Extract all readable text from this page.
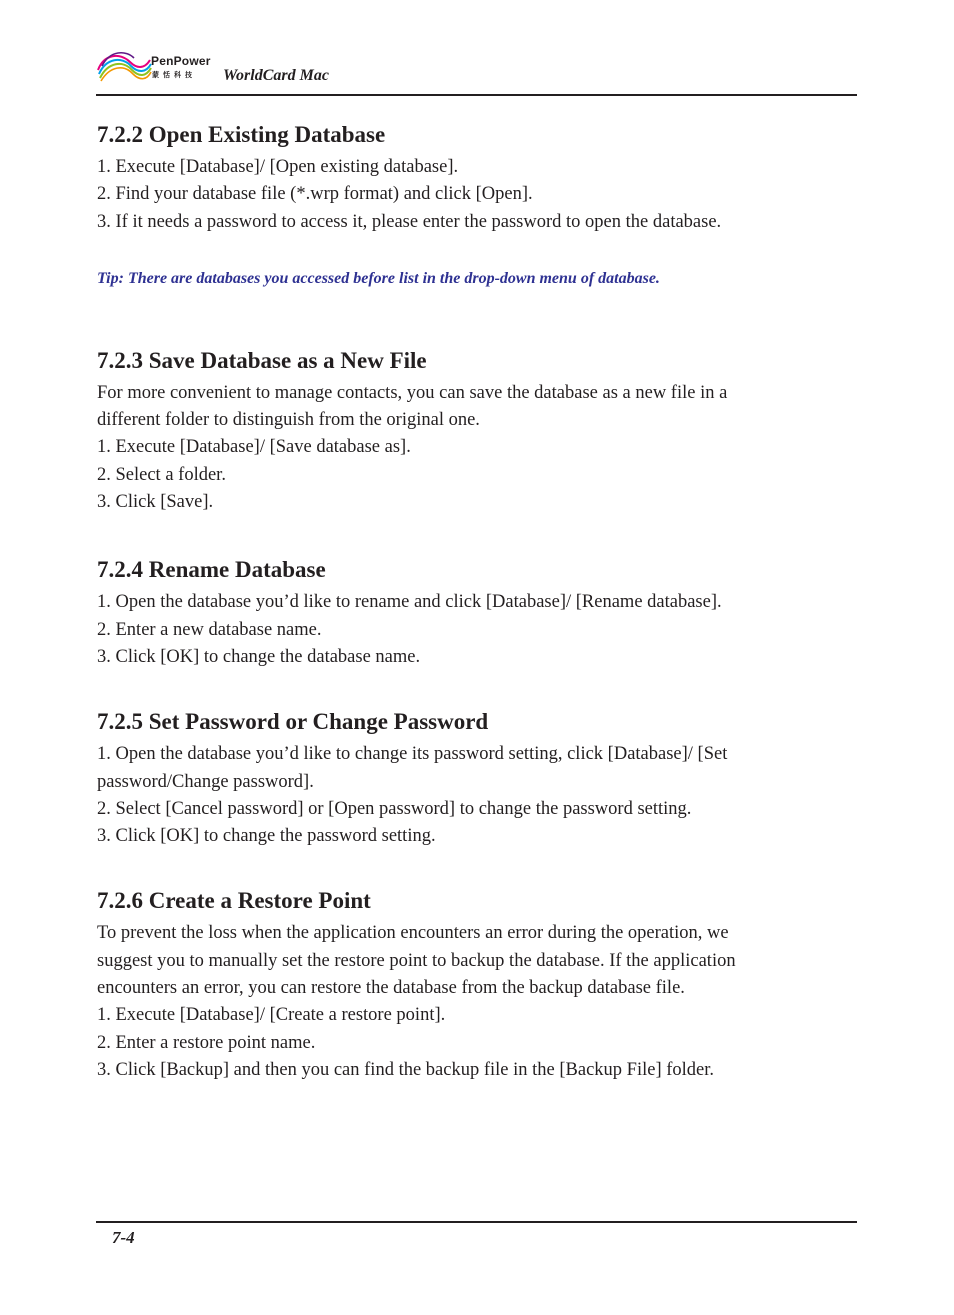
PenPower
蒙恬科技 WorldCard Mac
7.2.2 Open Existing Database

1. Execute [Database]/ [Open existing database].

2. Find your database file (*.wrp format) and click [Open].

3. If it needs a password to access it, please enter the password to open the database.

Tip: There are databases you accessed before list in the drop-down menu of database.

7.2.3 Save Database as a New File

For more convenient to manage contacts, you can save the database as a new file in a

different folder to distinguish from the original one.

1. Execute [Database]/ [Save database as].

2. Select a folder.

3. Click [Save].

7.2.4 Rename Database

1. Open the database you’d like to rename and click [Database]/ [Rename database].

2. Enter a new database name.

3. Click [OK] to change the database name.

7.2.5 Set Password or Change Password

1. Open the database you’d like to change its password setting, click [Database]/ [Set

password/Change password].

2. Select [Cancel password] or [Open password] to change the password setting.

3. Click [OK] to change the password setting.

7.2.6 Create a Restore Point

To prevent the loss when the application encounters an error during the operation, we

suggest you to manually set the restore point to backup the database. If the application

encounters an error, you can restore the database from the backup database file.

1. Execute [Database]/ [Create a restore point].

2. Enter a restore point name.

3. Click [Backup] and then you can find the backup file in the [Backup File] folder.

7-4
